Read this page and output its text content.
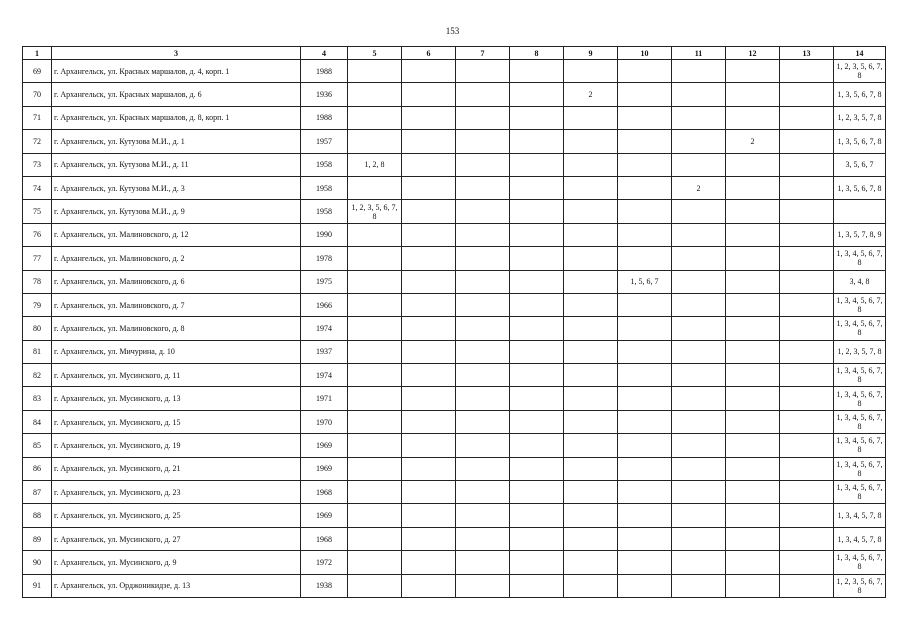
153
1	3	4	5	6	7	8	9	10	11	12	13	14
69	г. Архангельск, ул. Красных маршалов, д. 4, корп. 1	1988										1, 2, 3, 5, 6, 7, 8
70	г. Архангельск, ул. Красных маршалов, д. 6	1936					2					1, 3, 5, 6, 7, 8
71	г. Архангельск, ул. Красных маршалов, д. 8, корп. 1	1988										1, 2, 3, 5, 7, 8
72	г. Архангельск, ул. Кутузова М.И., д. 1	1957								2		1, 3, 5, 6, 7, 8
73	г. Архангельск, ул. Кутузова М.И., д. 11	1958	1, 2, 8									3, 5, 6, 7
74	г. Архангельск, ул. Кутузова М.И., д. 3	1958							2			1, 3, 5, 6, 7, 8
75	г. Архангельск, ул. Кутузова М.И., д. 9	1958	1, 2, 3, 5, 6, 7, 8									
76	г. Архангельск, ул. Малиновского, д. 12	1990										1, 3, 5, 7, 8, 9
77	г. Архангельск, ул. Малиновского, д. 2	1978										1, 3, 4, 5, 6, 7, 8
78	г. Архангельск, ул. Малиновского, д. 6	1975						1, 5, 6, 7				3, 4, 8
79	г. Архангельск, ул. Малиновского, д. 7	1966										1, 3, 4, 5, 6, 7, 8
80	г. Архангельск, ул. Малиновского, д. 8	1974										1, 3, 4, 5, 6, 7, 8
81	г. Архангельск, ул. Мичурина, д. 10	1937										1, 2, 3, 5, 7, 8
82	г. Архангельск, ул. Мусинского, д. 11	1974										1, 3, 4, 5, 6, 7, 8
83	г. Архангельск, ул. Мусинского, д. 13	1971										1, 3, 4, 5, 6, 7, 8
84	г. Архангельск, ул. Мусинского, д. 15	1970										1, 3, 4, 5, 6, 7, 8
85	г. Архангельск, ул. Мусинского, д. 19	1969										1, 3, 4, 5, 6, 7, 8
86	г. Архангельск, ул. Мусинского, д. 21	1969										1, 3, 4, 5, 6, 7, 8
87	г. Архангельск, ул. Мусинского, д. 23	1968										1, 3, 4, 5, 6, 7, 8
88	г. Архангельск, ул. Мусинского, д. 25	1969										1, 3, 4, 5, 7, 8
89	г. Архангельск, ул. Мусинского, д. 27	1968										1, 3, 4, 5, 7, 8
90	г. Архангельск, ул. Мусинского, д. 9	1972										1, 3, 4, 5, 6, 7, 8
91	г. Архангельск, ул. Орджоникидзе, д. 13	1938										1, 2, 3, 5, 6, 7, 8
